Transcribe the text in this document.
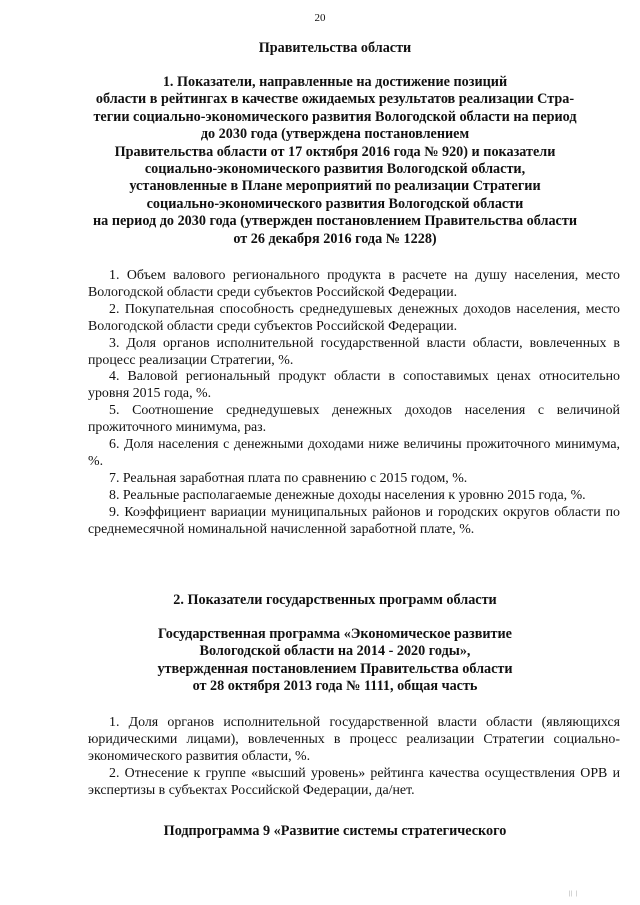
20
Правительства области
1. Показатели, направленные на достижение позиций
области в рейтингах в качестве ожидаемых результатов реализации Стра-
тегии социально-экономического развития Вологодской области на период
до 2030 года (утверждена постановлением
Правительства области от 17 октября 2016 года № 920) и показатели
социально-экономического развития Вологодской области,
установленные в Плане мероприятий по реализации Стратегии
социально-экономического развития Вологодской области
на период до 2030 года (утвержден постановлением Правительства области
от 26 декабря 2016 года № 1228)

1. Объем валового регионального продукта в расчете на душу населения, место Вологодской области среди субъектов Российской Федерации.

2. Покупательная способность среднедушевых денежных доходов населения, место Вологодской области среди субъектов Российской Федерации.

3. Доля органов исполнительной государственной власти области, вовлеченных в процесс реализации Стратегии, %.

4. Валовой региональный продукт области в сопоставимых ценах относительно уровня 2015 года, %.

5. Соотношение среднедушевых денежных доходов населения с величиной прожиточного минимума, раз.

6. Доля населения с денежными доходами ниже величины прожиточного минимума, %.

7. Реальная заработная плата по сравнению с 2015 годом, %.

8. Реальные располагаемые денежные доходы населения к уровню 2015 года, %.

9. Коэффициент вариации муниципальных районов и городских округов области по среднемесячной номинальной начисленной заработной плате, %.

2. Показатели государственных программ области
Государственная программа «Экономическое развитие
Вологодской области на 2014 - 2020 годы»,
утвержденная постановлением Правительства области
от 28 октября 2013 года № 1111, общая часть

1. Доля органов исполнительной государственной власти области (являющихся юридическими лицами), вовлеченных в процесс реализации Стратегии социально-экономического развития области, %.

2. Отнесение к группе «высший уровень» рейтинга качества осуществления ОРВ и экспертизы в субъектах Российской Федерации, да/нет.

Подпрограмма 9 «Развитие системы стратегического
||​ |
